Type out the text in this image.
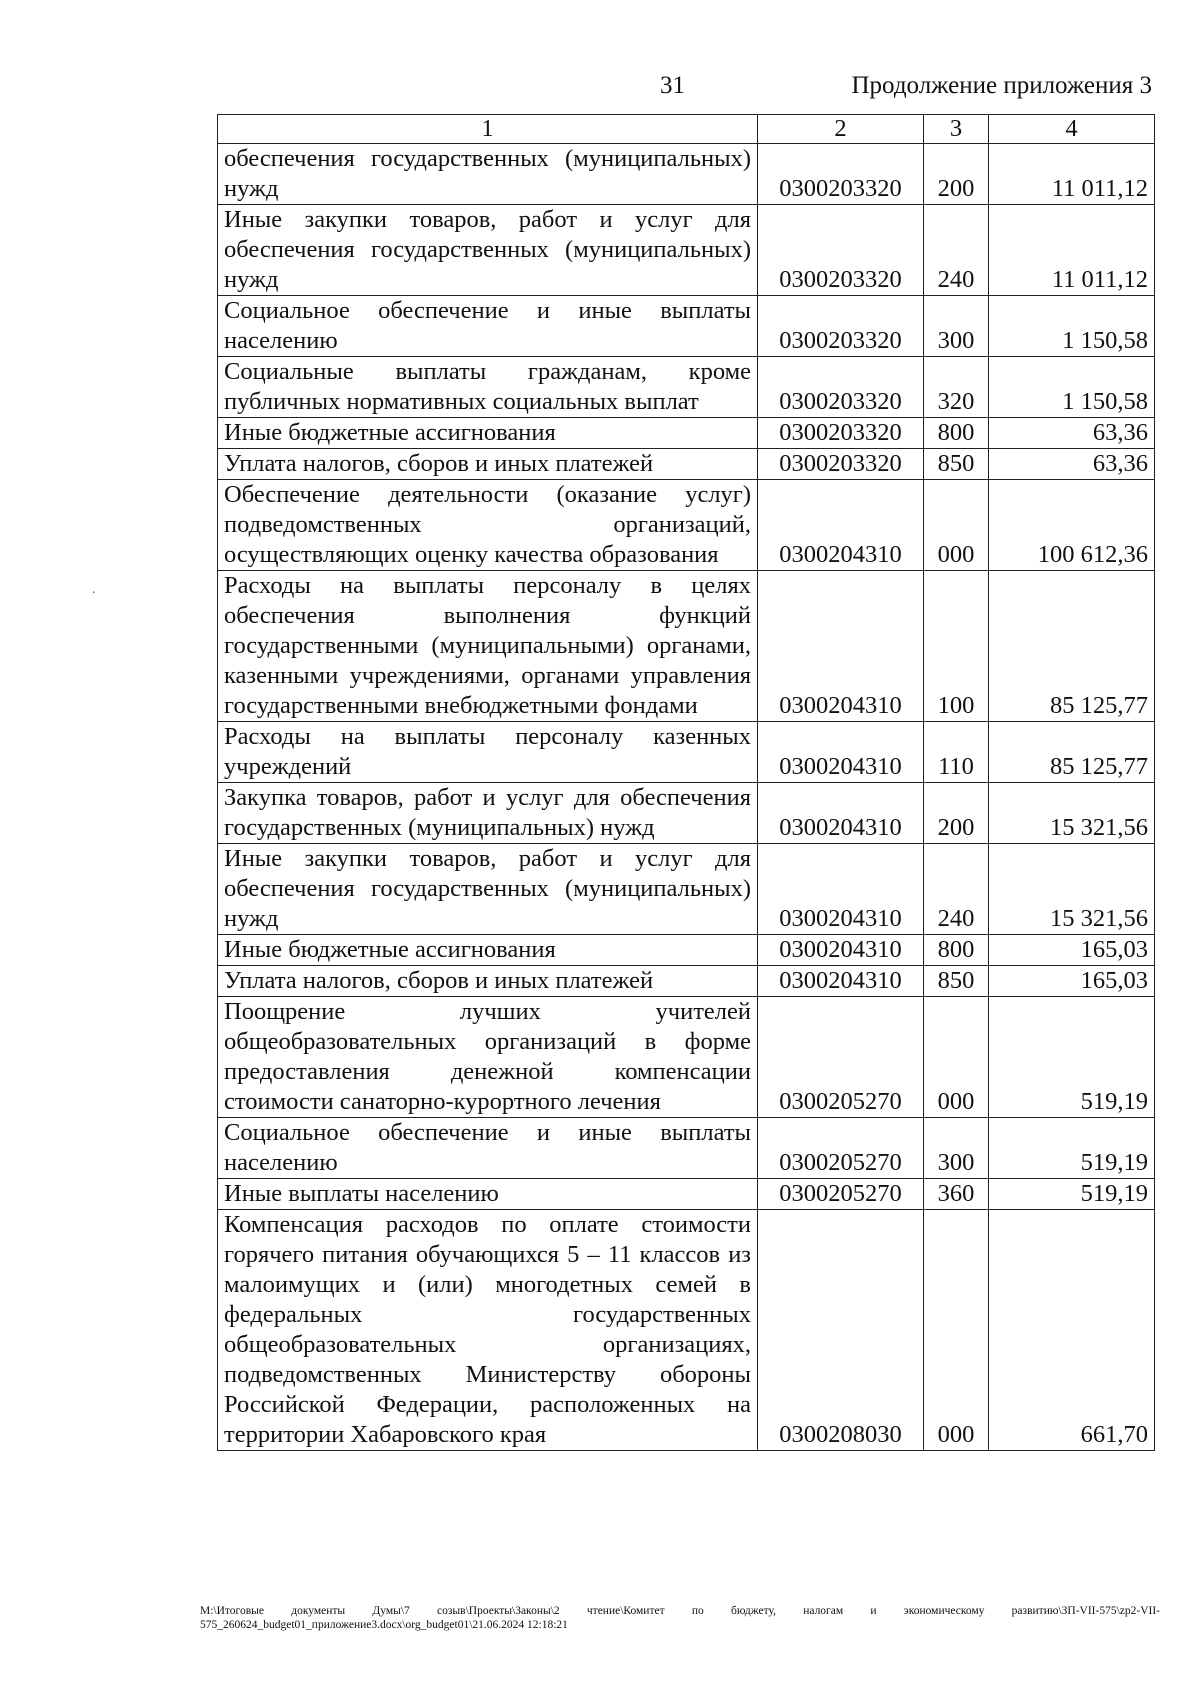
31	Продолжение приложения 3
.
1	2	3	4
обеспечения государственных (муниципальных) нужд	0300203320	200	11 011,12
Иные закупки товаров, работ и услуг для обеспечения государственных (муниципальных) нужд	0300203320	240	11 011,12
Социальное обеспечение и иные выплаты населению	0300203320	300	1 150,58
Социальные выплаты гражданам, кроме публичных нормативных социальных выплат	0300203320	320	1 150,58
Иные бюджетные ассигнования	0300203320	800	63,36
Уплата налогов, сборов и иных платежей	0300203320	850	63,36
Обеспечение деятельности (оказание услуг) подведомственных организаций, осуществляющих оценку качества образования	0300204310	000	100 612,36
Расходы на выплаты персоналу в целях обеспечения выполнения функций государственными (муниципальными) органами, казенными учреждениями, органами управления государственными внебюджетными фондами	0300204310	100	85 125,77
Расходы на выплаты персоналу казенных учреждений	0300204310	110	85 125,77
Закупка товаров, работ и услуг для обеспечения государственных (муниципальных) нужд	0300204310	200	15 321,56
Иные закупки товаров, работ и услуг для обеспечения государственных (муниципальных) нужд	0300204310	240	15 321,56
Иные бюджетные ассигнования	0300204310	800	165,03
Уплата налогов, сборов и иных платежей	0300204310	850	165,03
Поощрение лучших учителей общеобразовательных организаций в форме предоставления денежной компенсации стоимости санаторно-курортного лечения	0300205270	000	519,19
Социальное обеспечение и иные выплаты населению	0300205270	300	519,19
Иные выплаты населению	0300205270	360	519,19
Компенсация расходов по оплате стоимости горячего питания обучающихся 5 – 11 классов из малоимущих и (или) многодетных семей в федеральных государственных общеобразовательных организациях, подведомственных Министерству обороны Российской Федерации, расположенных на территории Хабаровского края	0300208030	000	661,70
М:\Итоговые документы Думы\7 созыв\Проекты\Законы\2 чтение\Комитет по бюджету, налогам и экономическому развитию\ЗП-VII-575\zp2-VII-575_260624_budget01_приложение3.docx\org_budget01\21.06.2024 12:18:21
